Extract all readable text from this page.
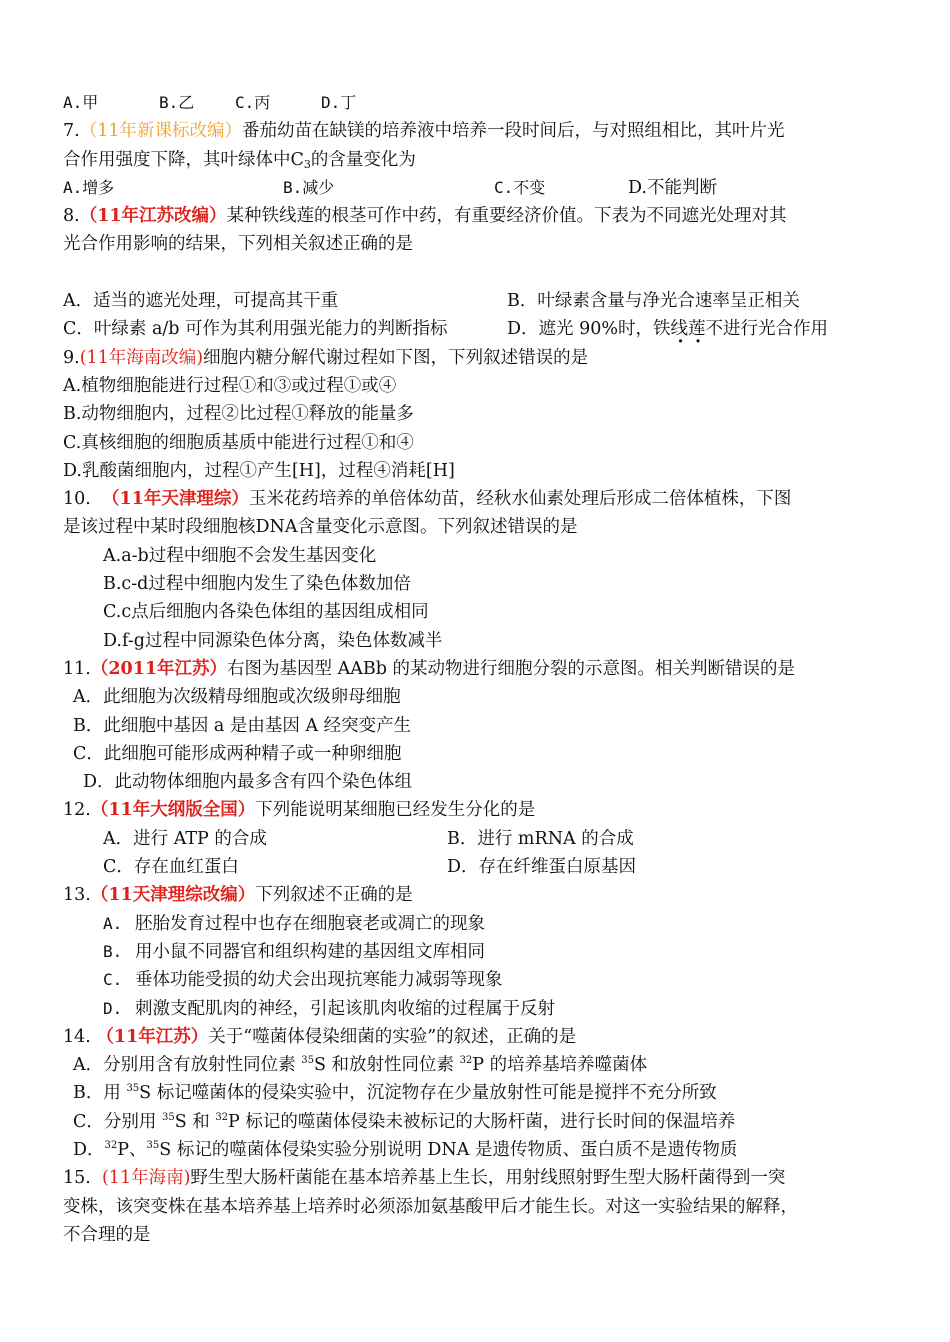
A.甲	B.乙	C.丙	D.丁
7.（11年新课标改编）番茄幼苗在缺镁的培养液中培养一段时间后，与对照组相比，其叶片光
合作用强度下降，其叶绿体中$C_3$的含量变化为
A.增多	B.减少	C.不变	D.不能判断
8.（11年江苏改编）某种铁线莲的根茎可作中药，有重要经济价值。下表为不同遮光处理对其
光合作用影响的结果，下列相关叙述正确的是
A．适当的遮光处理，可提高其干重	B．叶绿素含量与净光合速率呈正相关
C．叶绿素 a/b 可作为其利用强光能力的判断指标	D．遮光 90%时，铁线莲不进行光合作用
9.(11年海南改编)细胞内糖分解代谢过程如下图，下列叙述错误的是
A.植物细胞能进行过程①和③或过程①或④
B.动物细胞内，过程②比过程①释放的能量多
C.真核细胞的细胞质基质中能进行过程①和④
D.乳酸菌细胞内，过程①产生[H]，过程④消耗[H]
10. （11年天津理综）玉米花药培养的单倍体幼苗，经秋水仙素处理后形成二倍体植株，下图
是该过程中某时段细胞核DNA含量变化示意图。下列叙述错误的是
A.a-b过程中细胞不会发生基因变化
B.c-d过程中细胞内发生了染色体数加倍
C.c点后细胞内各染色体组的基因组成相同
D.f-g过程中同源染色体分离，染色体数减半
11.（2011年江苏）右图为基因型 AABb 的某动物进行细胞分裂的示意图。相关判断错误的是
A．此细胞为次级精母细胞或次级卵母细胞
B．此细胞中基因 a 是由基因 A 经突变产生
C．此细胞可能形成两种精子或一种卵细胞
D．此动物体细胞内最多含有四个染色体组
12.（11年大纲版全国）下列能说明某细胞已经发生分化的是
A．进行 ATP 的合成	B．进行 mRNA 的合成
C．存在血红蛋白	D．存在纤维蛋白原基因
13.（11天津理综改编）下列叙述不正确的是
A. 胚胎发育过程中也存在细胞衰老或凋亡的现象
B. 用小鼠不同器官和组织构建的基因组文库相同
C. 垂体功能受损的幼犬会出现抗寒能力减弱等现象
D. 刺激支配肌肉的神经，引起该肌肉收缩的过程属于反射
14. （11年江苏）关于“噬菌体侵染细菌的实验”的叙述，正确的是
A．分别用含有放射性同位素 $^{35}$S 和放射性同位素 $^{32}$P 的培养基培养噬菌体
B．用 $^{35}$S 标记噬菌体的侵染实验中，沉淀物存在少量放射性可能是搅拌不充分所致
C．分别用 $^{35}$S 和 $^{32}$P 标记的噬菌体侵染未被标记的大肠杆菌，进行长时间的保温培养
D．$^{32}$P、$^{35}$S 标记的噬菌体侵染实验分别说明 DNA 是遗传物质、蛋白质不是遗传物质
15. (11年海南)野生型大肠杆菌能在基本培养基上生长，用射线照射野生型大肠杆菌得到一突
变株，该突变株在基本培养基上培养时必须添加氨基酸甲后才能生长。对这一实验结果的解释，
不合理的是
